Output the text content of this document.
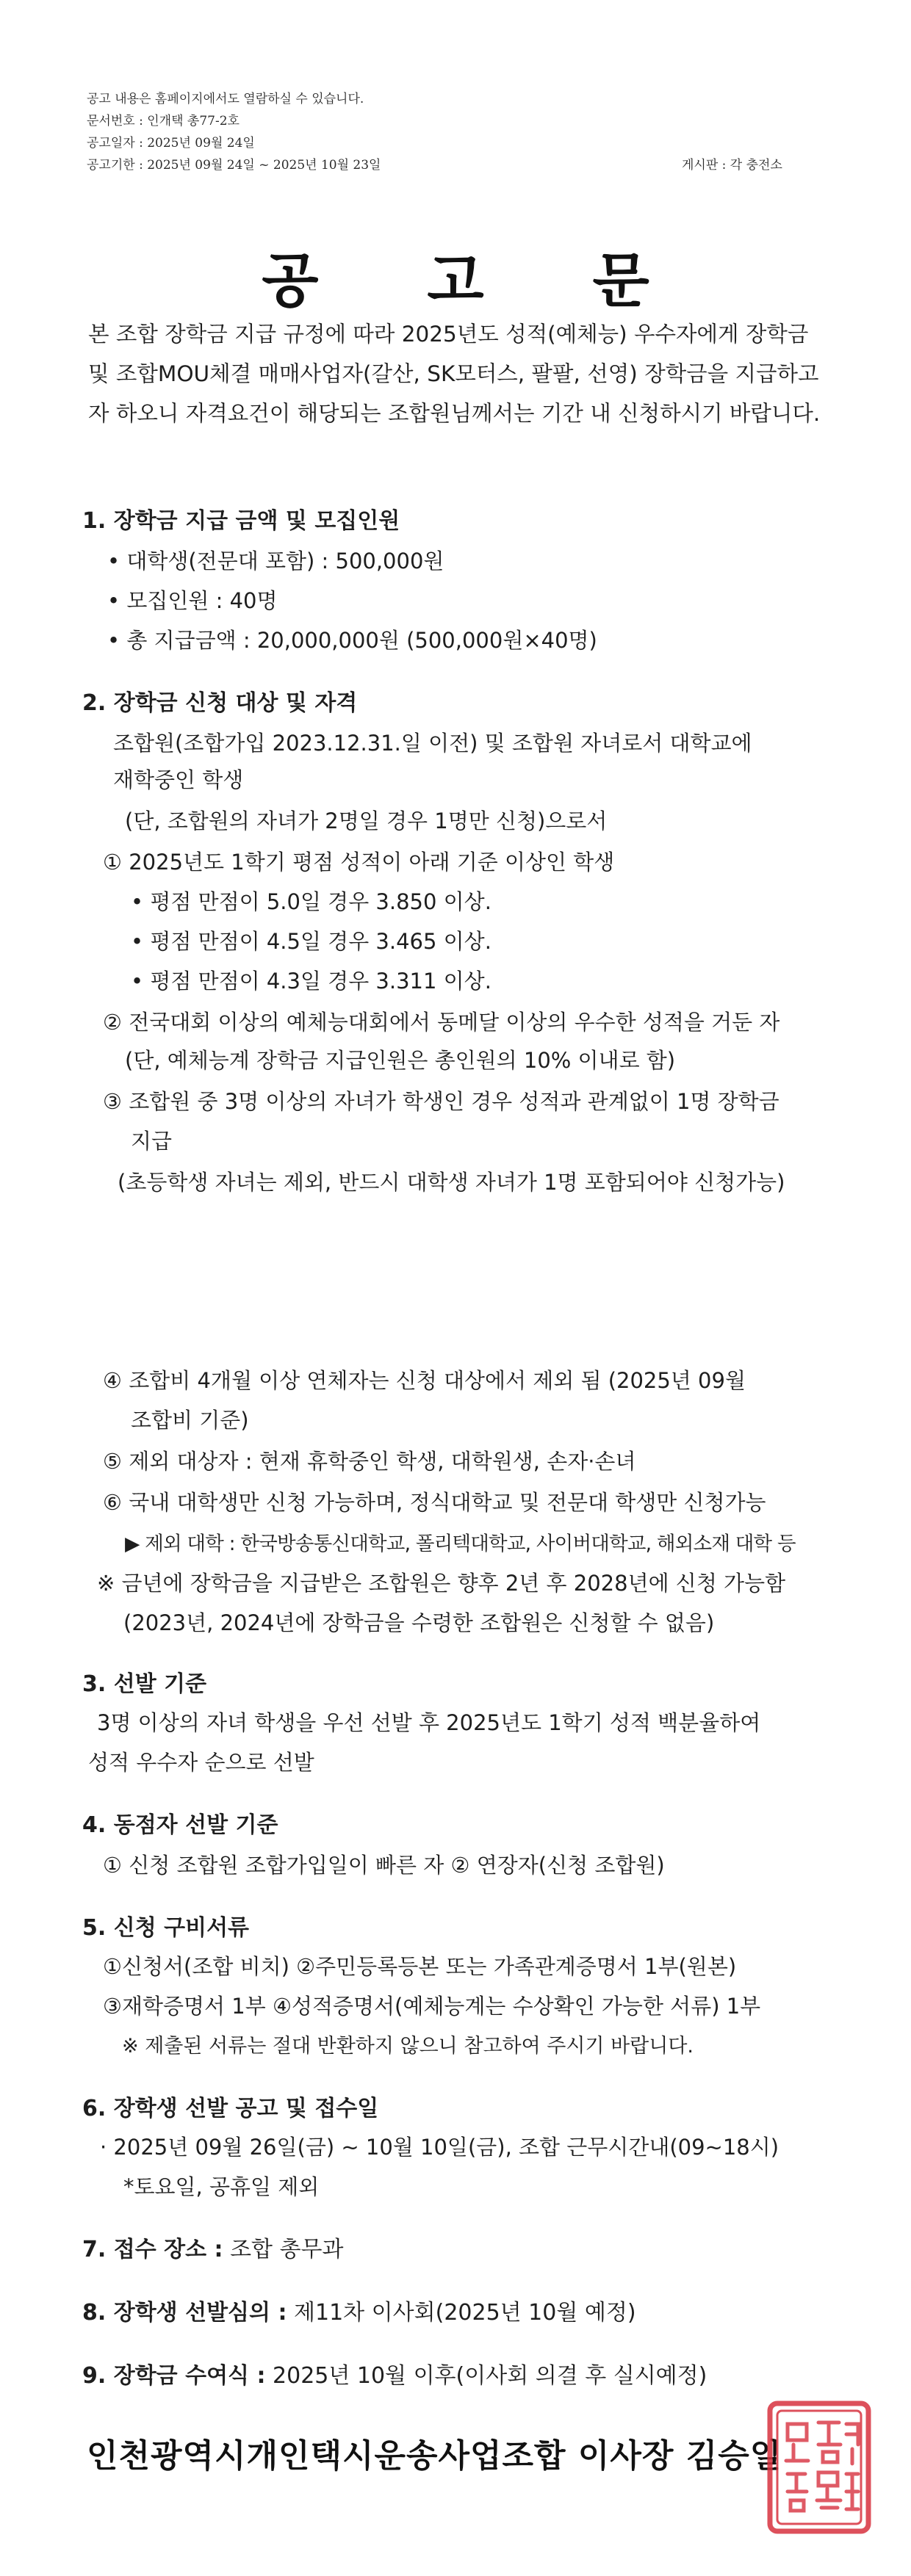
공고 내용은 홈페이지에서도 열람하실 수 있습니다.
문서번호 : 인개택 총77-2호
공고일자 : 2025년 09월 24일
공고기한 : 2025년 09월 24일 ~ 2025년 10월 23일	게시판 : 각 충전소
공 고 문
본 조합 장학금 지급 규정에 따라 2025년도 성적(예체능) 우수자에게 장학금 및 조합MOU체결 매매사업자(갈산, SK모터스, 팔팔, 선영) 장학금을 지급하고자 하오니 자격요건이 해당되는 조합원님께서는 기간 내 신청하시기 바랍니다.
1. 장학금 지급 금액 및 모집인원
• 대학생(전문대 포함) : 500,000원
• 모집인원 : 40명
• 총 지급금액 : 20,000,000원 (500,000원×40명)
2. 장학금 신청 대상 및 자격
조합원(조합가입 2023.12.31.일 이전) 및 조합원 자녀로서 대학교에
재학중인 학생
(단, 조합원의 자녀가 2명일 경우 1명만 신청)으로서
① 2025년도 1학기 평점 성적이 아래 기준 이상인 학생
• 평점 만점이 5.0일 경우 3.850 이상.
• 평점 만점이 4.5일 경우 3.465 이상.
• 평점 만점이 4.3일 경우 3.311 이상.
② 전국대회 이상의 예체능대회에서 동메달 이상의 우수한 성적을 거둔 자
(단, 예체능계 장학금 지급인원은 총인원의 10% 이내로 함)
③ 조합원 중 3명 이상의 자녀가 학생인 경우 성적과 관계없이 1명 장학금
지급
(초등학생 자녀는 제외, 반드시 대학생 자녀가 1명 포함되어야 신청가능)
④ 조합비 4개월 이상 연체자는 신청 대상에서 제외 됨 (2025년 09월
조합비 기준)
⑤ 제외 대상자 : 현재 휴학중인 학생, 대학원생, 손자·손녀
⑥ 국내 대학생만 신청 가능하며, 정식대학교 및 전문대 학생만 신청가능
▶ 제외 대학 : 한국방송통신대학교, 폴리텍대학교, 사이버대학교, 해외소재 대학 등
※ 금년에 장학금을 지급받은 조합원은 향후 2년 후 2028년에 신청 가능함
(2023년, 2024년에 장학금을 수령한 조합원은 신청할 수 없음)
3. 선발 기준
3명 이상의 자녀 학생을 우선 선발 후 2025년도 1학기 성적 백분율하여
성적 우수자 순으로 선발
4. 동점자 선발 기준
① 신청 조합원 조합가입일이 빠른 자 ② 연장자(신청 조합원)
5. 신청 구비서류
①신청서(조합 비치) ②주민등록등본 또는 가족관계증명서 1부(원본)
③재학증명서 1부 ④성적증명서(예체능계는 수상확인 가능한 서류) 1부
※ 제출된 서류는 절대 반환하지 않으니 참고하여 주시기 바랍니다.
6. 장학생 선발 공고 및 접수일
· 2025년 09월 26일(금) ~ 10월 10일(금), 조합 근무시간내(09~18시)
*토요일, 공휴일 제외
7. 접수 장소 : 조합 총무과
8. 장학생 선발심의 : 제11차 이사회(2025년 10월 예정)
9. 장학금 수여식 : 2025년 10월 이후(이사회 의결 후 실시예정)
인천광역시개인택시운송사업조합 이사장 김승일
